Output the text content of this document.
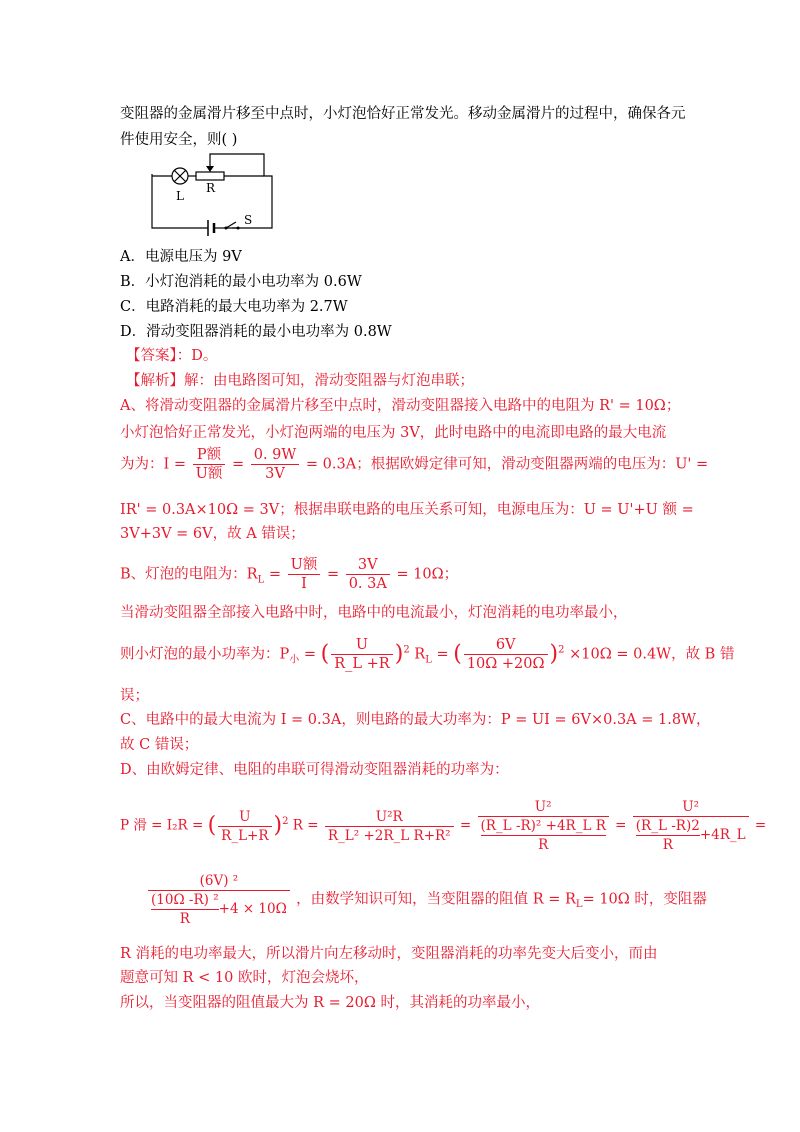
变阻器的金属滑片移至中点时，小灯泡恰好正常发光。移动金属滑片的过程中，确保各元
件使用安全，则( )
L
R
S
A．电源电压为 9V
B．小灯泡消耗的最小电功率为 0.6W
C．电路消耗的最大电功率为 2.7W
D．滑动变阻器消耗的最小电功率为 0.8W
【答案】：D。
【解析】解：由电路图可知，滑动变阻器与灯泡串联；
A、将滑动变阻器的金属滑片移至中点时，滑动变阻器接入电路中的电阻为 R' = 10Ω；
小灯泡恰好正常发光，小灯泡两端的电压为 3V，此时电路中的电流即电路的最大电流
为为：$I = \frac{\text{P额}}{\text{U额}} = \frac{0. 9W}{3V} = 0.3A$；根据欧姆定律可知，滑动变阻器两端的电压为：U' =
IR' = 0.3A×10Ω = 3V；根据串联电路的电压关系可知，电源电压为：U = U'+U 额 =
3V+3V = 6V，故 A 错误；
B、灯泡的电阻为：$R_L = \frac{\text{U额}}{I} = \frac{3V}{0. 3A} = 10\Omega$；
当滑动变阻器全部接入电路中时，电路中的电流最小，灯泡消耗的电功率最小，
则小灯泡的最小功率为：$P_小$ = ( $\frac{U}{R\_L +R} )^2$ $R_L$ = ( $\frac{6V}{10\Omega +20\Omega} )^2 \times 10\Omega = 0.4W$，故 B 错
误；
C、电路中的最大电流为 I = 0.3A，则电路的最大功率为：P = UI = 6V×0.3A = 1.8W，
故 C 错误；
D、由欧姆定律、电阻的串联可得滑动变阻器消耗的功率为：
P 滑 = I₂R = ( $\frac{U}{R\_L+R} )^2$ $R = \frac{\text{U²R}}{\text{R\_L² +2R\_L R+R²}} = U^2$
(R_L -R)² +4R_L R
$R = \frac{\text{U²}}{\frac{(R\_L -R)2}{R} +4R\_L}$ =
$\frac{\text{(6V) ²}}{\frac{\text{(10Ω -R) ²}}{R} +4 \times 10\Omega}$ ，由数学知识可知，当变阻器的阻值 $R = R_L= 10\Omega$ 时，变阻器
R 消耗的电功率最大，所以滑片向左移动时，变阻器消耗的功率先变大后变小，而由
题意可知 R < 10 欧时，灯泡会烧坏，
所以，当变阻器的阻值最大为 R = 20Ω 时，其消耗的功率最小，
